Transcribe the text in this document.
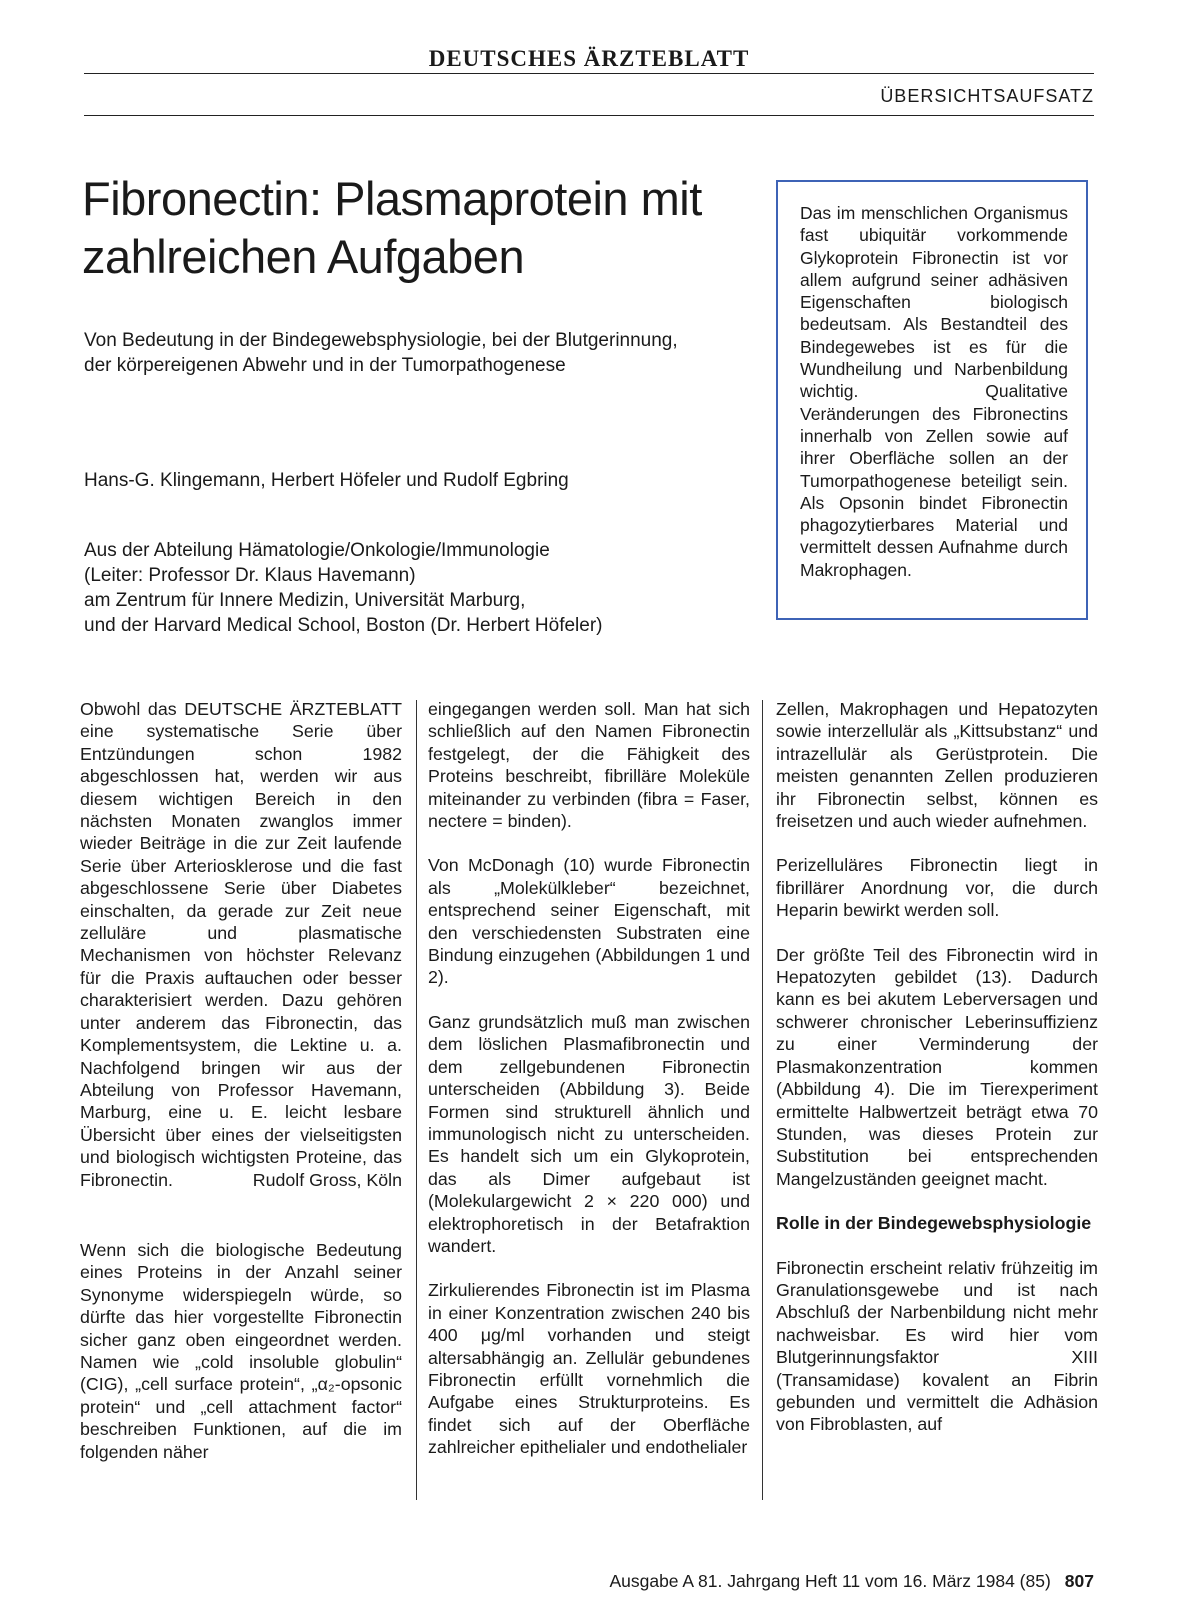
DEUTSCHES ÄRZTEBLATT
ÜBERSICHTSAUFSATZ
Fibronectin: Plasmaprotein mit zahlreichen Aufgaben

Von Bedeutung in der Bindegewebsphysiologie, bei der Blutgerinnung, der körpereigenen Abwehr und in der Tumorpathogenese

Hans-G. Klingemann, Herbert Höfeler und Rudolf Egbring

Aus der Abteilung Hämatologie/Onkologie/Immunologie
(Leiter: Professor Dr. Klaus Havemann)
am Zentrum für Innere Medizin, Universität Marburg,
und der Harvard Medical School, Boston (Dr. Herbert Höfeler)

Das im menschlichen Organismus fast ubiquitär vorkommende Glykoprotein Fibronectin ist vor allem aufgrund seiner adhäsiven Eigenschaften biologisch bedeutsam. Als Bestandteil des Bindegewebes ist es für die Wundheilung und Narbenbildung wichtig. Qualitative Veränderungen des Fibronectins innerhalb von Zellen sowie auf ihrer Oberfläche sollen an der Tumorpathogenese beteiligt sein. Als Opsonin bindet Fibronectin phagozytierbares Material und vermittelt dessen Aufnahme durch Makrophagen.

Obwohl das DEUTSCHE ÄRZTEBLATT eine systematische Serie über Entzündungen schon 1982 abgeschlossen hat, werden wir aus diesem wichtigen Bereich in den nächsten Monaten zwanglos immer wieder Beiträge in die zur Zeit laufende Serie über Arteriosklerose und die fast abgeschlossene Serie über Diabetes einschalten, da gerade zur Zeit neue zelluläre und plasmatische Mechanismen von höchster Relevanz für die Praxis auftauchen oder besser charakterisiert werden. Dazu gehören unter anderem das Fibronectin, das Komplementsystem, die Lektine u. a. Nachfolgend bringen wir aus der Abteilung von Professor Havemann, Marburg, eine u. E. leicht lesbare Übersicht über eines der vielseitigsten und biologisch wichtigsten Proteine, das Fibronectin.	Rudolf Gross, Köln

Wenn sich die biologische Bedeutung eines Proteins in der Anzahl seiner Synonyme widerspiegeln würde, so dürfte das hier vorgestellte Fibronectin sicher ganz oben eingeordnet werden. Namen wie „cold insoluble globulin“ (CIG), „cell surface protein“, „α₂-opsonic protein“ und „cell attachment factor“ beschreiben Funktionen, auf die im folgenden näher

eingegangen werden soll. Man hat sich schließlich auf den Namen Fibronectin festgelegt, der die Fähigkeit des Proteins beschreibt, fibrilläre Moleküle miteinander zu verbinden (fibra = Faser, nectere = binden).

Von McDonagh (10) wurde Fibronectin als „Molekülkleber“ bezeichnet, entsprechend seiner Eigenschaft, mit den verschiedensten Substraten eine Bindung einzugehen (Abbildungen 1 und 2).

Ganz grundsätzlich muß man zwischen dem löslichen Plasmafibronectin und dem zellgebundenen Fibronectin unterscheiden (Abbildung 3). Beide Formen sind strukturell ähnlich und immunologisch nicht zu unterscheiden. Es handelt sich um ein Glykoprotein, das als Dimer aufgebaut ist (Molekulargewicht 2 × 220 000) und elektrophoretisch in der Betafraktion wandert.

Zirkulierendes Fibronectin ist im Plasma in einer Konzentration zwischen 240 bis 400 μg/ml vorhanden und steigt altersabhängig an. Zellulär gebundenes Fibronectin erfüllt vornehmlich die Aufgabe eines Strukturproteins. Es findet sich auf der Oberfläche zahlreicher epithelialer und endothelialer

Zellen, Makrophagen und Hepatozyten sowie interzellulär als „Kittsubstanz“ und intrazellulär als Gerüstprotein. Die meisten genannten Zellen produzieren ihr Fibronectin selbst, können es freisetzen und auch wieder aufnehmen.

Perizelluläres Fibronectin liegt in fibrillärer Anordnung vor, die durch Heparin bewirkt werden soll.

Der größte Teil des Fibronectin wird in Hepatozyten gebildet (13). Dadurch kann es bei akutem Leberversagen und schwerer chronischer Leberinsuffizienz zu einer Verminderung der Plasmakonzentration kommen (Abbildung 4). Die im Tierexperiment ermittelte Halbwertzeit beträgt etwa 70 Stunden, was dieses Protein zur Substitution bei entsprechenden Mangelzuständen geeignet macht.

Rolle in der Bindegewebsphysiologie

Fibronectin erscheint relativ frühzeitig im Granulationsgewebe und ist nach Abschluß der Narbenbildung nicht mehr nachweisbar. Es wird hier vom Blutgerinnungsfaktor XIII (Transamidase) kovalent an Fibrin gebunden und vermittelt die Adhäsion von Fibroblasten, auf

Ausgabe A 81. Jahrgang Heft 11 vom 16. März 1984 (85) 807
